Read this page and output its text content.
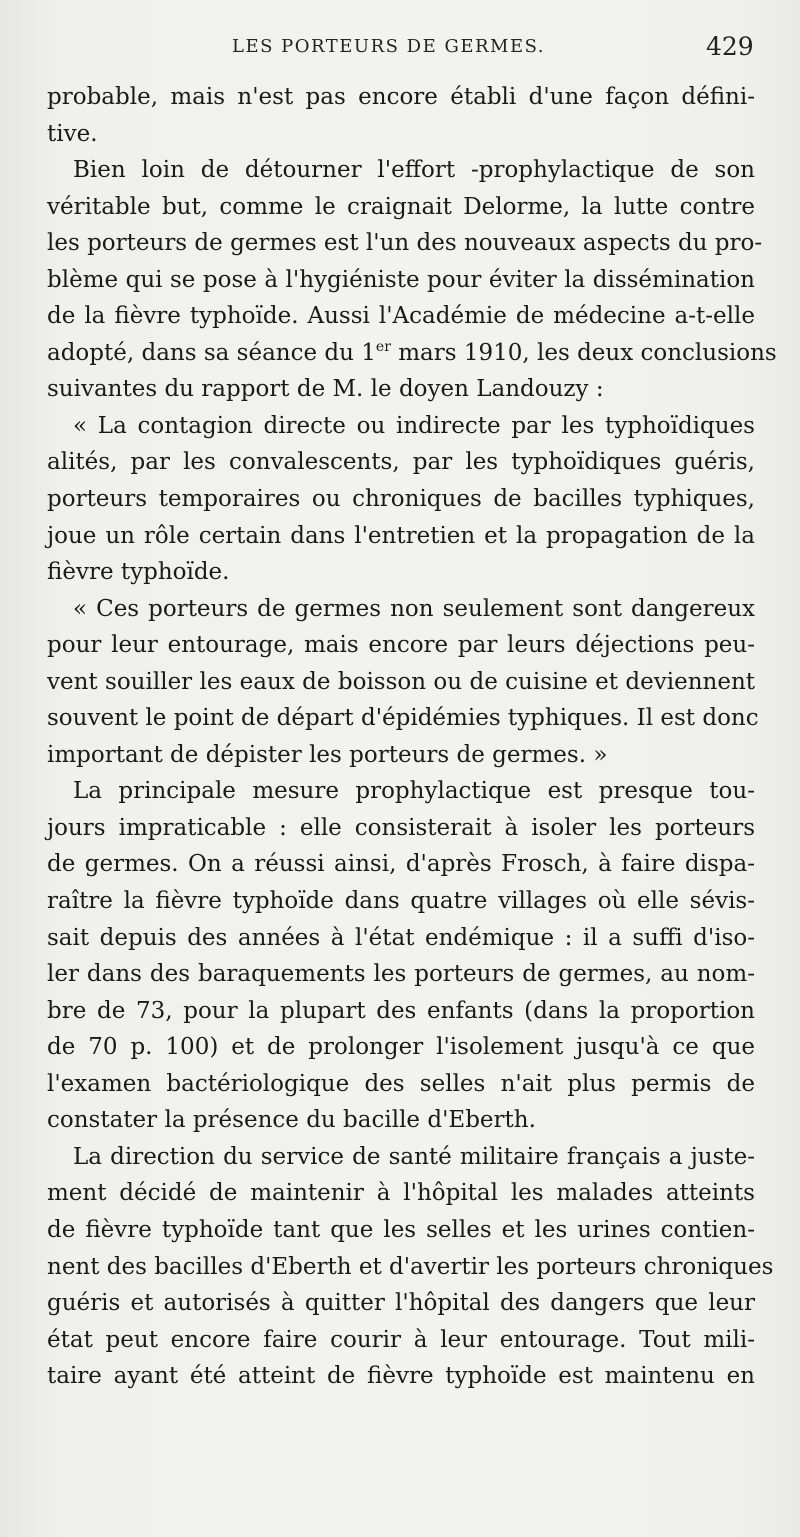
LES PORTEURS DE GERMES.	429
probable, mais n'est pas encore établi d'une façon défini-
tive.
Bien loin de détourner l'effort -prophylactique de son
véritable but, comme le craignait Delorme, la lutte contre
les porteurs de germes est l'un des nouveaux aspects du pro-
blème qui se pose à l'hygiéniste pour éviter la dissémination
de la fièvre typhoïde. Aussi l'Académie de médecine a-t-elle
adopté, dans sa séance du 1er mars 1910, les deux conclusions
suivantes du rapport de M. le doyen Landouzy :
« La contagion directe ou indirecte par les typhoïdiques
alités, par les convalescents, par les typhoïdiques guéris,
porteurs temporaires ou chroniques de bacilles typhiques,
joue un rôle certain dans l'entretien et la propagation de la
fièvre typhoïde.
« Ces porteurs de germes non seulement sont dangereux
pour leur entourage, mais encore par leurs déjections peu-
vent souiller les eaux de boisson ou de cuisine et deviennent
souvent le point de départ d'épidémies typhiques. Il est donc
important de dépister les porteurs de germes. »
La principale mesure prophylactique est presque tou-
jours impraticable : elle consisterait à isoler les porteurs
de germes. On a réussi ainsi, d'après Frosch, à faire dispa-
raître la fièvre typhoïde dans quatre villages où elle sévis-
sait depuis des années à l'état endémique : il a suffi d'iso-
ler dans des baraquements les porteurs de germes, au nom-
bre de 73, pour la plupart des enfants (dans la proportion
de 70 p. 100) et de prolonger l'isolement jusqu'à ce que
l'examen bactériologique des selles n'ait plus permis de
constater la présence du bacille d'Eberth.
La direction du service de santé militaire français a juste-
ment décidé de maintenir à l'hôpital les malades atteints
de fièvre typhoïde tant que les selles et les urines contien-
nent des bacilles d'Eberth et d'avertir les porteurs chroniques
guéris et autorisés à quitter l'hôpital des dangers que leur
état peut encore faire courir à leur entourage. Tout mili-
taire ayant été atteint de fièvre typhoïde est maintenu en
